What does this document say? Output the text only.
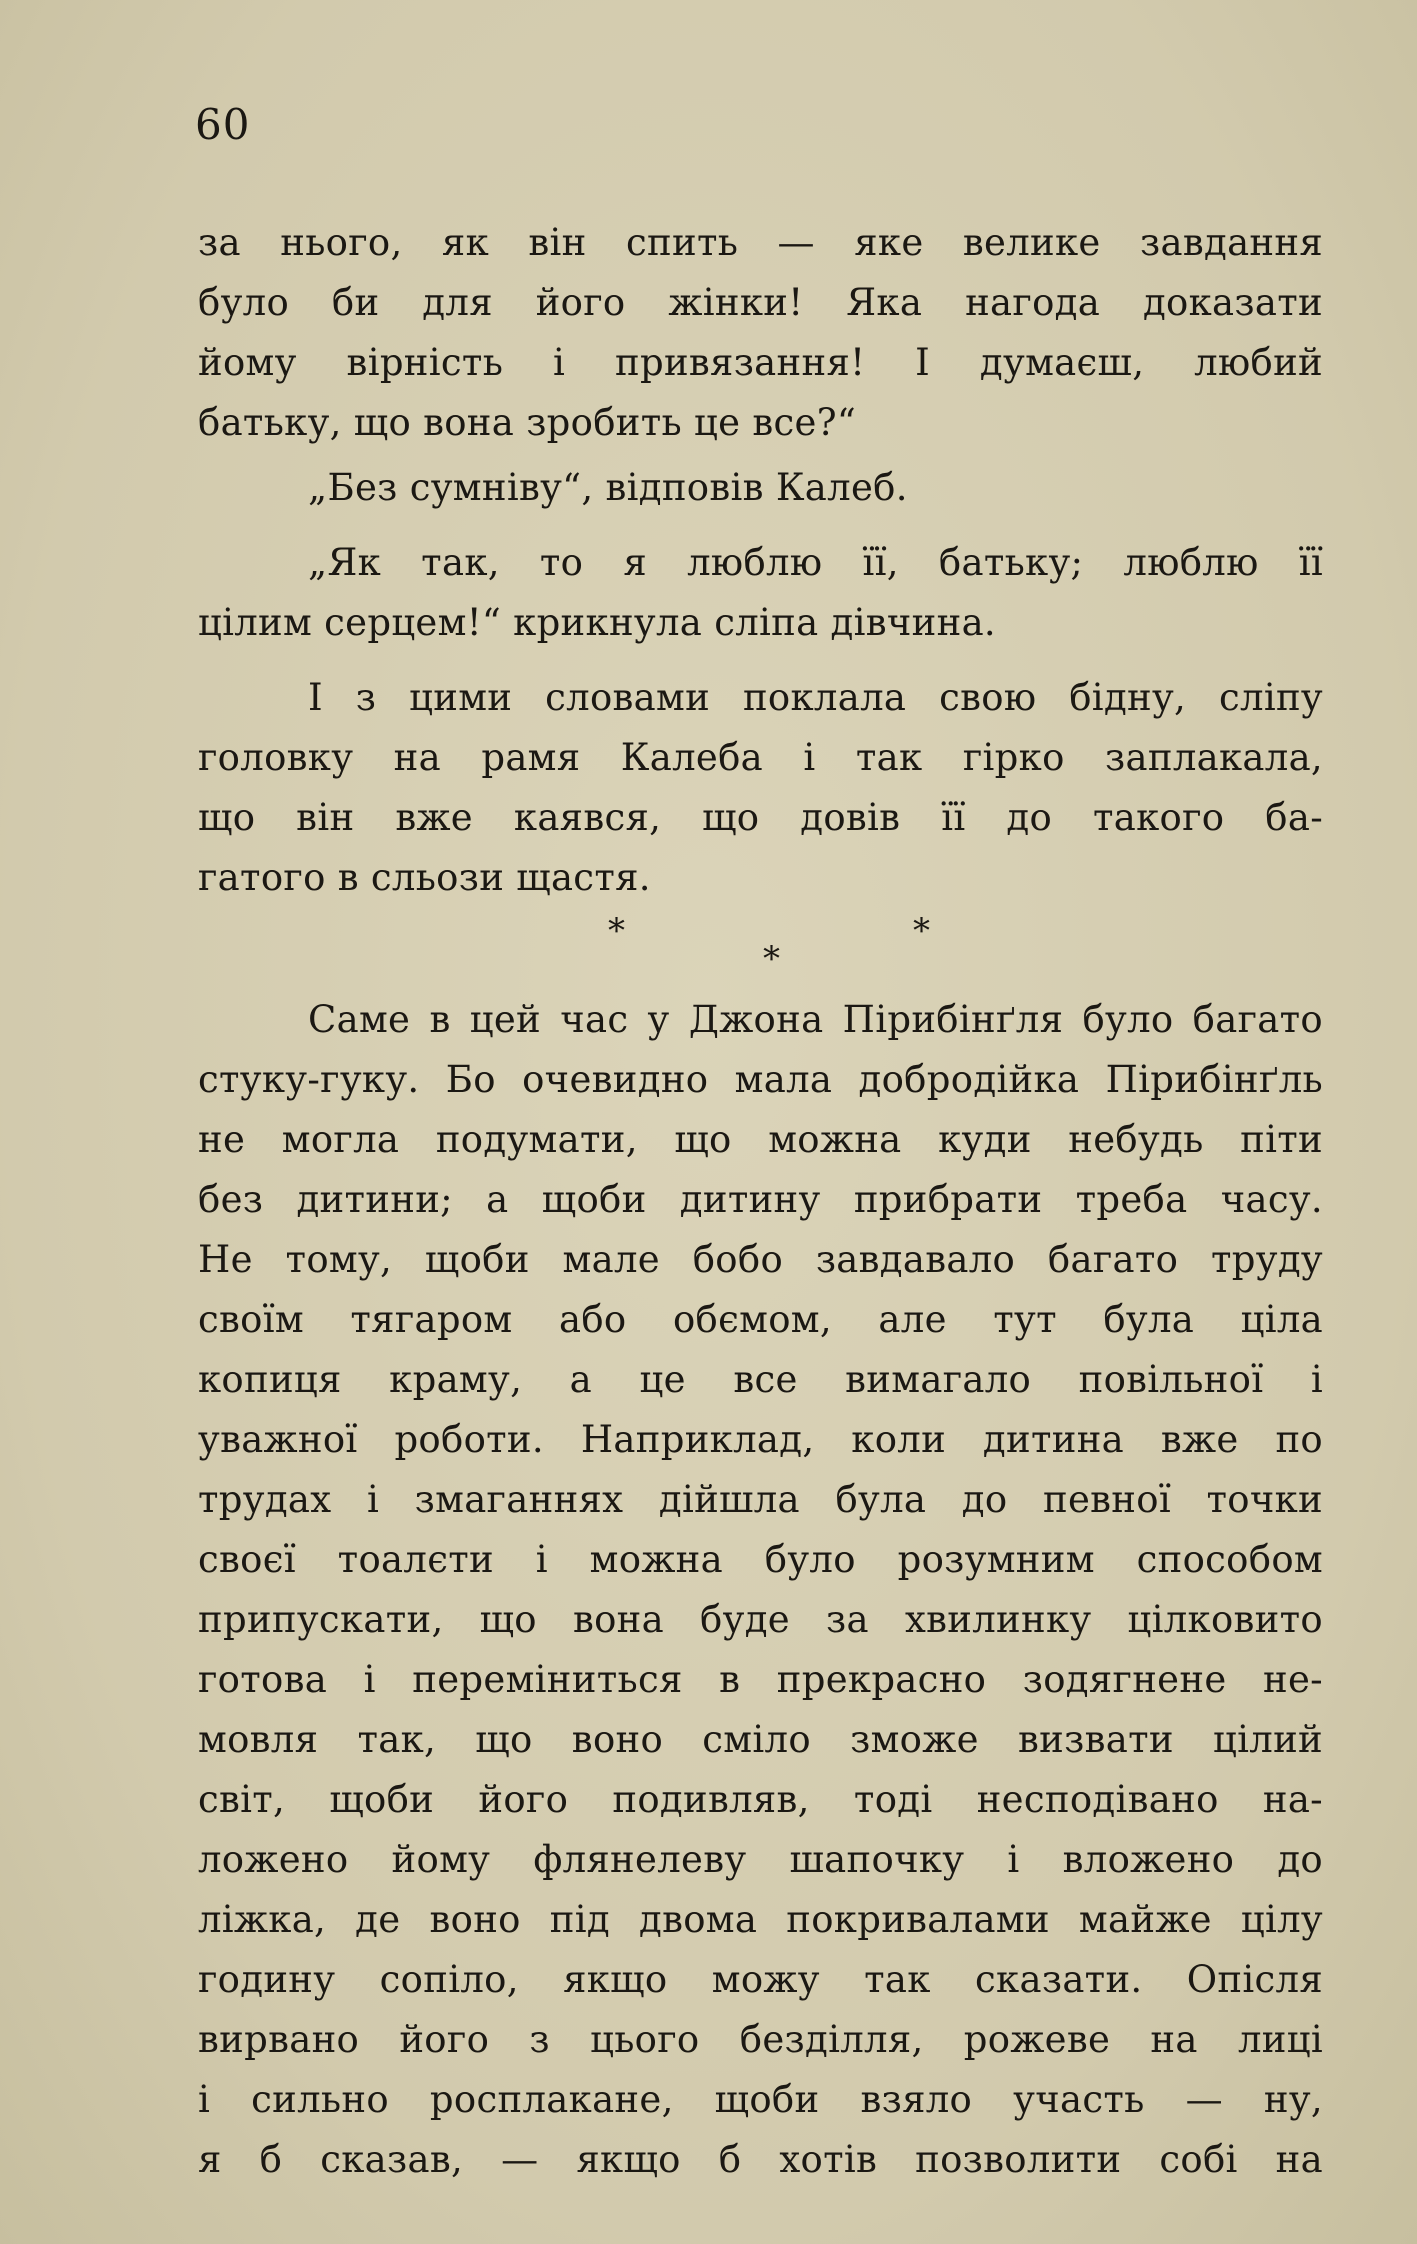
60
за нього, як він спить — яке велике завдання
було би для його жінки! Яка нагода доказати
йому вірність і привязання! І думаєш, любий
батьку, що вона зробить це все?“
„Без сумніву“, відповів Калеб.
„Як так, то я люблю її, батьку; люблю її
цілим серцем!“ крикнула сліпа дівчина.
І з цими словами поклала свою бідну, сліпу
головку на рамя Калеба і так гірко заплакала,
що він вже каявся, що довів її до такого ба-
гатого в сльози щастя.
*
*
*
Саме в цей час у Джона Пірибінґля було багато
стуку-гуку. Бо очевидно мала добродійка Пірибінґль
не могла подумати, що можна куди небудь піти
без дитини; а щоби дитину прибрати треба часу.
Не тому, щоби мале бобо завдавало багато труду
своїм тягаром або обємом, але тут була ціла
копиця краму, а це все вимагало повільної і
уважної роботи. Наприклад, коли дитина вже по
трудах і змаганнях дійшла була до певної точки
своєї тоалєти і можна було розумним способом
припускати, що вона буде за хвилинку цілковито
готова і переміниться в прекрасно зодягнене не-
мовля так, що воно сміло зможе визвати цілий
світ, щоби його подивляв, тоді несподівано на-
ложено йому флянелеву шапочку і вложено до
ліжка, де воно під двома покривалами майже цілу
годину сопіло, якщо можу так сказати. Опісля
вирвано його з цього безділля, рожеве на лиці
і сильно росплакане, щоби взяло участь — ну,
я б сказав, — якщо б хотів позволити собі на
